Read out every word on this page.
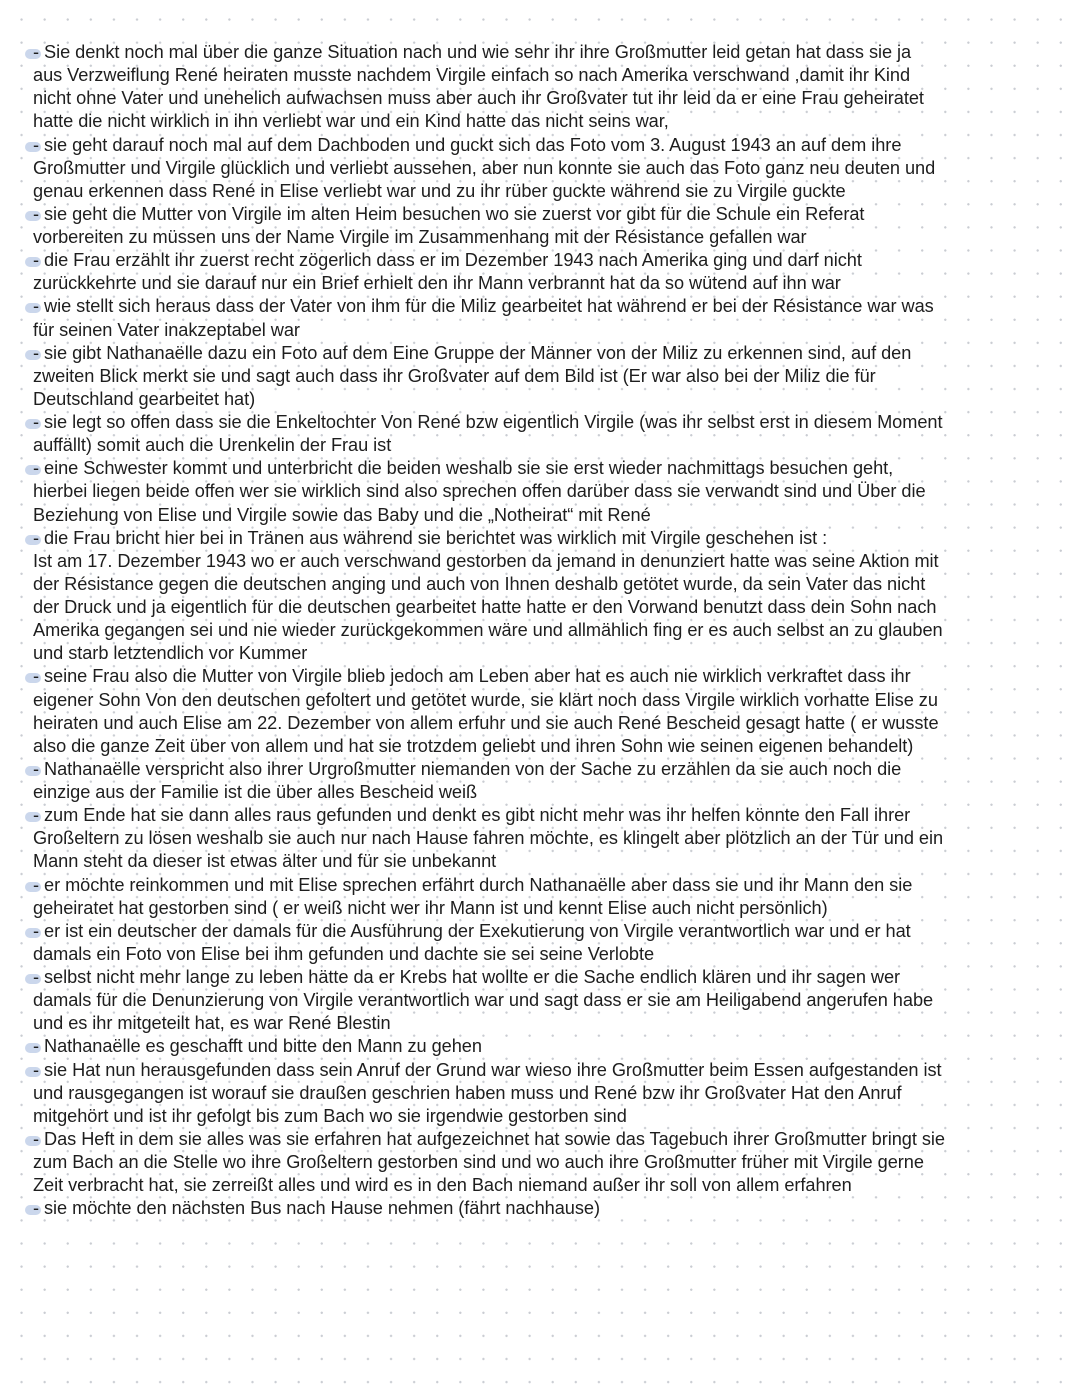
- Sie denkt noch mal über die ganze Situation nach und wie sehr ihr ihre Großmutter leid getan hat dass sie ja
aus Verzweiflung René heiraten musste nachdem Virgile einfach so nach Amerika verschwand ,damit ihr Kind
nicht ohne Vater und unehelich aufwachsen muss aber auch ihr Großvater tut ihr leid da er eine Frau geheiratet
hatte die nicht wirklich in ihn verliebt war und ein Kind hatte das nicht seins war,
- sie geht darauf noch mal auf dem Dachboden und guckt sich das Foto vom 3. August 1943 an auf dem ihre
Großmutter und Virgile glücklich und verliebt aussehen, aber nun konnte sie auch das Foto ganz neu deuten und
genau erkennen dass René in Elise verliebt war und zu ihr rüber guckte während sie zu Virgile guckte
- sie geht die Mutter von Virgile im alten Heim besuchen wo sie zuerst vor gibt für die Schule ein Referat
vorbereiten zu müssen uns der Name Virgile im Zusammenhang mit der Résistance gefallen war
- die Frau erzählt ihr zuerst recht zögerlich dass er im Dezember 1943 nach Amerika ging und darf nicht
zurückkehrte und sie darauf nur ein Brief erhielt den ihr Mann verbrannt hat da so wütend auf ihn war
- wie stellt sich heraus dass der Vater von ihm für die Miliz gearbeitet hat während er bei der Résistance war was
für seinen Vater inakzeptabel war
- sie gibt Nathanaëlle dazu ein Foto auf dem Eine Gruppe der Männer von der Miliz zu erkennen sind, auf den
zweiten Blick merkt sie und sagt auch dass ihr Großvater auf dem Bild ist (Er war also bei der Miliz die für
Deutschland gearbeitet hat)
- sie legt so offen dass sie die Enkeltochter Von René bzw eigentlich Virgile (was ihr selbst erst in diesem Moment
auffällt) somit auch die Urenkelin der Frau ist
- eine Schwester kommt und unterbricht die beiden weshalb sie sie erst wieder nachmittags besuchen geht,
hierbei liegen beide offen wer sie wirklich sind also sprechen offen darüber dass sie verwandt sind und Über die
Beziehung von Elise und Virgile sowie das Baby und die „Notheirat“ mit René
- die Frau bricht hier bei in Tränen aus während sie berichtet was wirklich mit Virgile geschehen ist :
Ist am 17. Dezember 1943 wo er auch verschwand gestorben da jemand in denunziert hatte was seine Aktion mit
der Résistance gegen die deutschen anging und auch von Ihnen deshalb getötet wurde, da sein Vater das nicht
der Druck und ja eigentlich für die deutschen gearbeitet hatte hatte er den Vorwand benutzt dass dein Sohn nach
Amerika gegangen sei und nie wieder zurückgekommen wäre und allmählich fing er es auch selbst an zu glauben
und starb letztendlich vor Kummer
- seine Frau also die Mutter von Virgile blieb jedoch am Leben aber hat es auch nie wirklich verkraftet dass ihr
eigener Sohn Von den deutschen gefoltert und getötet wurde, sie klärt noch dass Virgile wirklich vorhatte Elise zu
heiraten und auch Elise am 22. Dezember von allem erfuhr und sie auch René Bescheid gesagt hatte ( er wusste
also die ganze Zeit über von allem und hat sie trotzdem geliebt und ihren Sohn wie seinen eigenen behandelt)
- Nathanaëlle verspricht also ihrer Urgroßmutter niemanden von der Sache zu erzählen da sie auch noch die
einzige aus der Familie ist die über alles Bescheid weiß
- zum Ende hat sie dann alles raus gefunden und denkt es gibt nicht mehr was ihr helfen könnte den Fall ihrer
Großeltern zu lösen weshalb sie auch nur nach Hause fahren möchte, es klingelt aber plötzlich an der Tür und ein
Mann steht da dieser ist etwas älter und für sie unbekannt
- er möchte reinkommen und mit Elise sprechen erfährt durch Nathanaëlle aber dass sie und ihr Mann den sie
geheiratet hat gestorben sind ( er weiß nicht wer ihr Mann ist und kennt Elise auch nicht persönlich)
- er ist ein deutscher der damals für die Ausführung der Exekutierung von Virgile verantwortlich war und er hat
damals ein Foto von Elise bei ihm gefunden und dachte sie sei seine Verlobte
- selbst nicht mehr lange zu leben hätte da er Krebs hat wollte er die Sache endlich klären und ihr sagen wer
damals für die Denunzierung von Virgile verantwortlich war und sagt dass er sie am Heiligabend angerufen habe
und es ihr mitgeteilt hat, es war René Blestin
- Nathanaëlle es geschafft und bitte den Mann zu gehen
- sie Hat nun herausgefunden dass sein Anruf der Grund war wieso ihre Großmutter beim Essen aufgestanden ist
und rausgegangen ist worauf sie draußen geschrien haben muss und René bzw ihr Großvater Hat den Anruf
mitgehört und ist ihr gefolgt bis zum Bach wo sie irgendwie gestorben sind
- Das Heft in dem sie alles was sie erfahren hat aufgezeichnet hat sowie das Tagebuch ihrer Großmutter bringt sie
zum Bach an die Stelle wo ihre Großeltern gestorben sind und wo auch ihre Großmutter früher mit Virgile gerne
Zeit verbracht hat, sie zerreißt alles und wird es in den Bach niemand außer ihr soll von allem erfahren
- sie möchte den nächsten Bus nach Hause nehmen (fährt nachhause)
